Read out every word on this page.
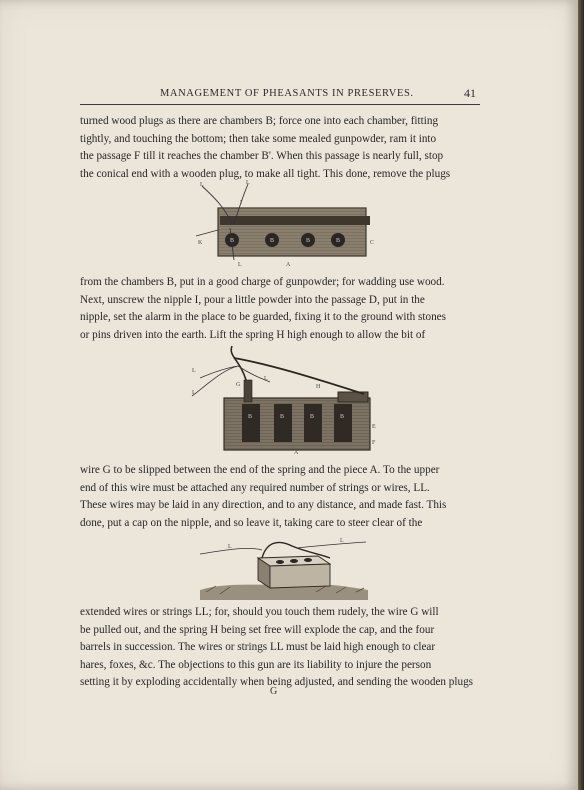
MANAGEMENT OF PHEASANTS IN PRESERVES.	41
turned wood plugs as there are chambers B; force one into each chamber, fitting
tightly, and touching the bottom; then take some mealed gunpowder, ram it into
the passage F till it reaches the chamber B'. When this passage is nearly full, stop
the conical end with a wooden plug, to make all tight. This done, remove the plugs
L	L
I
K	B	B	B	B	C
L	A
from the chambers B, put in a good charge of gunpowder; for wadding use wood.
Next, unscrew the nipple I, pour a little powder into the passage D, put in the
nipple, set the alarm in the place to be guarded, fixing it to the ground with stones
or pins driven into the earth. Lift the spring H high enough to allow the bit of
L
L
L
G
I
H
B	B	B	B
E
F
A
wire G to be slipped between the end of the spring and the piece A. To the upper
end of this wire must be attached any required number of strings or wires, LL.
These wires may be laid in any direction, and to any distance, and made fast. This
done, put a cap on the nipple, and so leave it, taking care to steer clear of the
L
L
extended wires or strings LL; for, should you touch them rudely, the wire G will
be pulled out, and the spring H being set free will explode the cap, and the four
barrels in succession. The wires or strings LL must be laid high enough to clear
hares, foxes, &c. The objections to this gun are its liability to injure the person
setting it by exploding accidentally when being adjusted, and sending the wooden plugs
G
